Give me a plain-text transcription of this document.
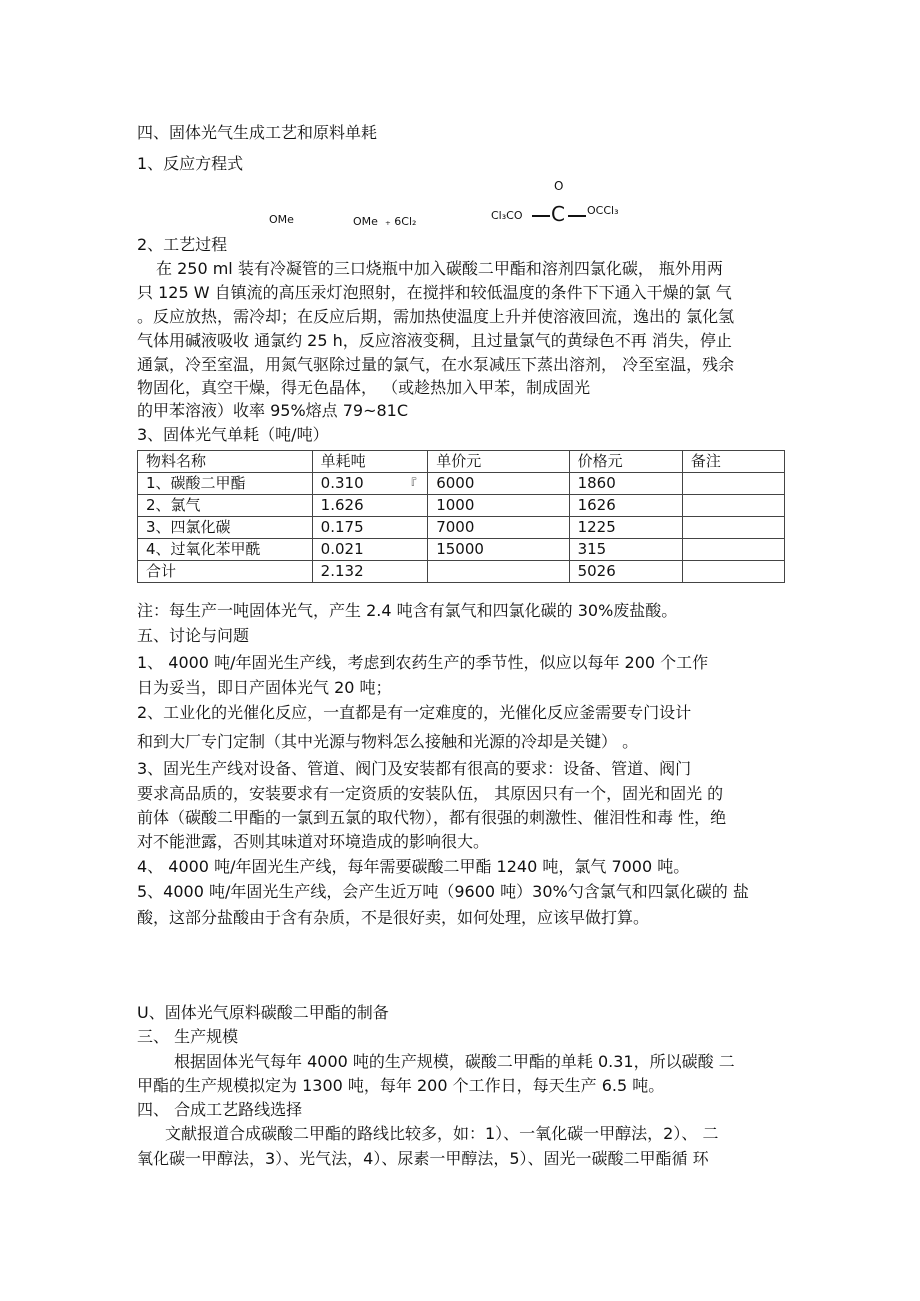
四、固体光气生成工艺和原料单耗
1、反应方程式
O
OMe	OMe ₊ 6Cl₂	Cl₃CO C OCCl₃
2、工艺过程
在 250 ml 装有冷凝管的三口烧瓶中加入碳酸二甲酯和溶剂四氯化碳， 瓶外用两
只 125 W 自镇流的高压汞灯泡照射，在搅拌和较低温度的条件下下通入干燥的氯 气
。反应放热，需冷却；在反应后期，需加热使温度上升并使溶液回流，逸出的 氯化氢
气体用碱液吸收 通氯约 25 h，反应溶液变稠，且过量氯气的黄绿色不再 消失，停止
通氯，冷至室温，用氮气驱除过量的氯气，在水泵减压下蒸出溶剂， 冷至室温，残余
物固化，真空干燥，得无色晶体， （或趁热加入甲苯，制成固光
的甲苯溶液）收率 95%熔点 79~81C
3、固体光气单耗（吨/吨）
物料名称	单耗吨	单价元	价格元	备注
1、碳酸二甲酯	0.310 『	6000	1860	
2、氯气	1.626	1000	1626	
3、四氯化碳	0.175	7000	1225	
4、过氧化苯甲酰	0.021	15000	315	
合计	2.132		5026	
注：每生产一吨固体光气，产生 2.4 吨含有氯气和四氯化碳的 30%废盐酸。
五、讨论与问题
1、 4000 吨/年固光生产线，考虑到农药生产的季节性，似应以每年 200 个工作
日为妥当，即日产固体光气 20 吨；
2、工业化的光催化反应，一直都是有一定难度的，光催化反应釜需要专门设计
和到大厂专门定制（其中光源与物料怎么接触和光源的冷却是关键） 。
3、固光生产线对设备、管道、阀门及安装都有很高的要求：设备、管道、阀门
要求高品质的，安装要求有一定资质的安装队伍， 其原因只有一个，固光和固光 的
前体（碳酸二甲酯的一氯到五氯的取代物），都有很强的刺激性、催泪性和毒 性，绝
对不能泄露，否则其味道对环境造成的影响很大。
4、 4000 吨/年固光生产线，每年需要碳酸二甲酯 1240 吨，氯气 7000 吨。
5、4000 吨/年固光生产线，会产生近万吨（9600 吨）30%勺含氯气和四氯化碳的 盐
酸，这部分盐酸由于含有杂质，不是很好卖，如何处理，应该早做打算。
U、固体光气原料碳酸二甲酯的制备
三、 生产规模
根据固体光气每年 4000 吨的生产规模，碳酸二甲酯的单耗 0.31，所以碳酸 二
甲酯的生产规模拟定为 1300 吨，每年 200 个工作日，每天生产 6.5 吨。
四、 合成工艺路线选择
文献报道合成碳酸二甲酯的路线比较多，如：1）、一氧化碳一甲醇法，2）、 二
氧化碳一甲醇法，3）、光气法，4）、尿素一甲醇法，5）、固光一碳酸二甲酯循 环
